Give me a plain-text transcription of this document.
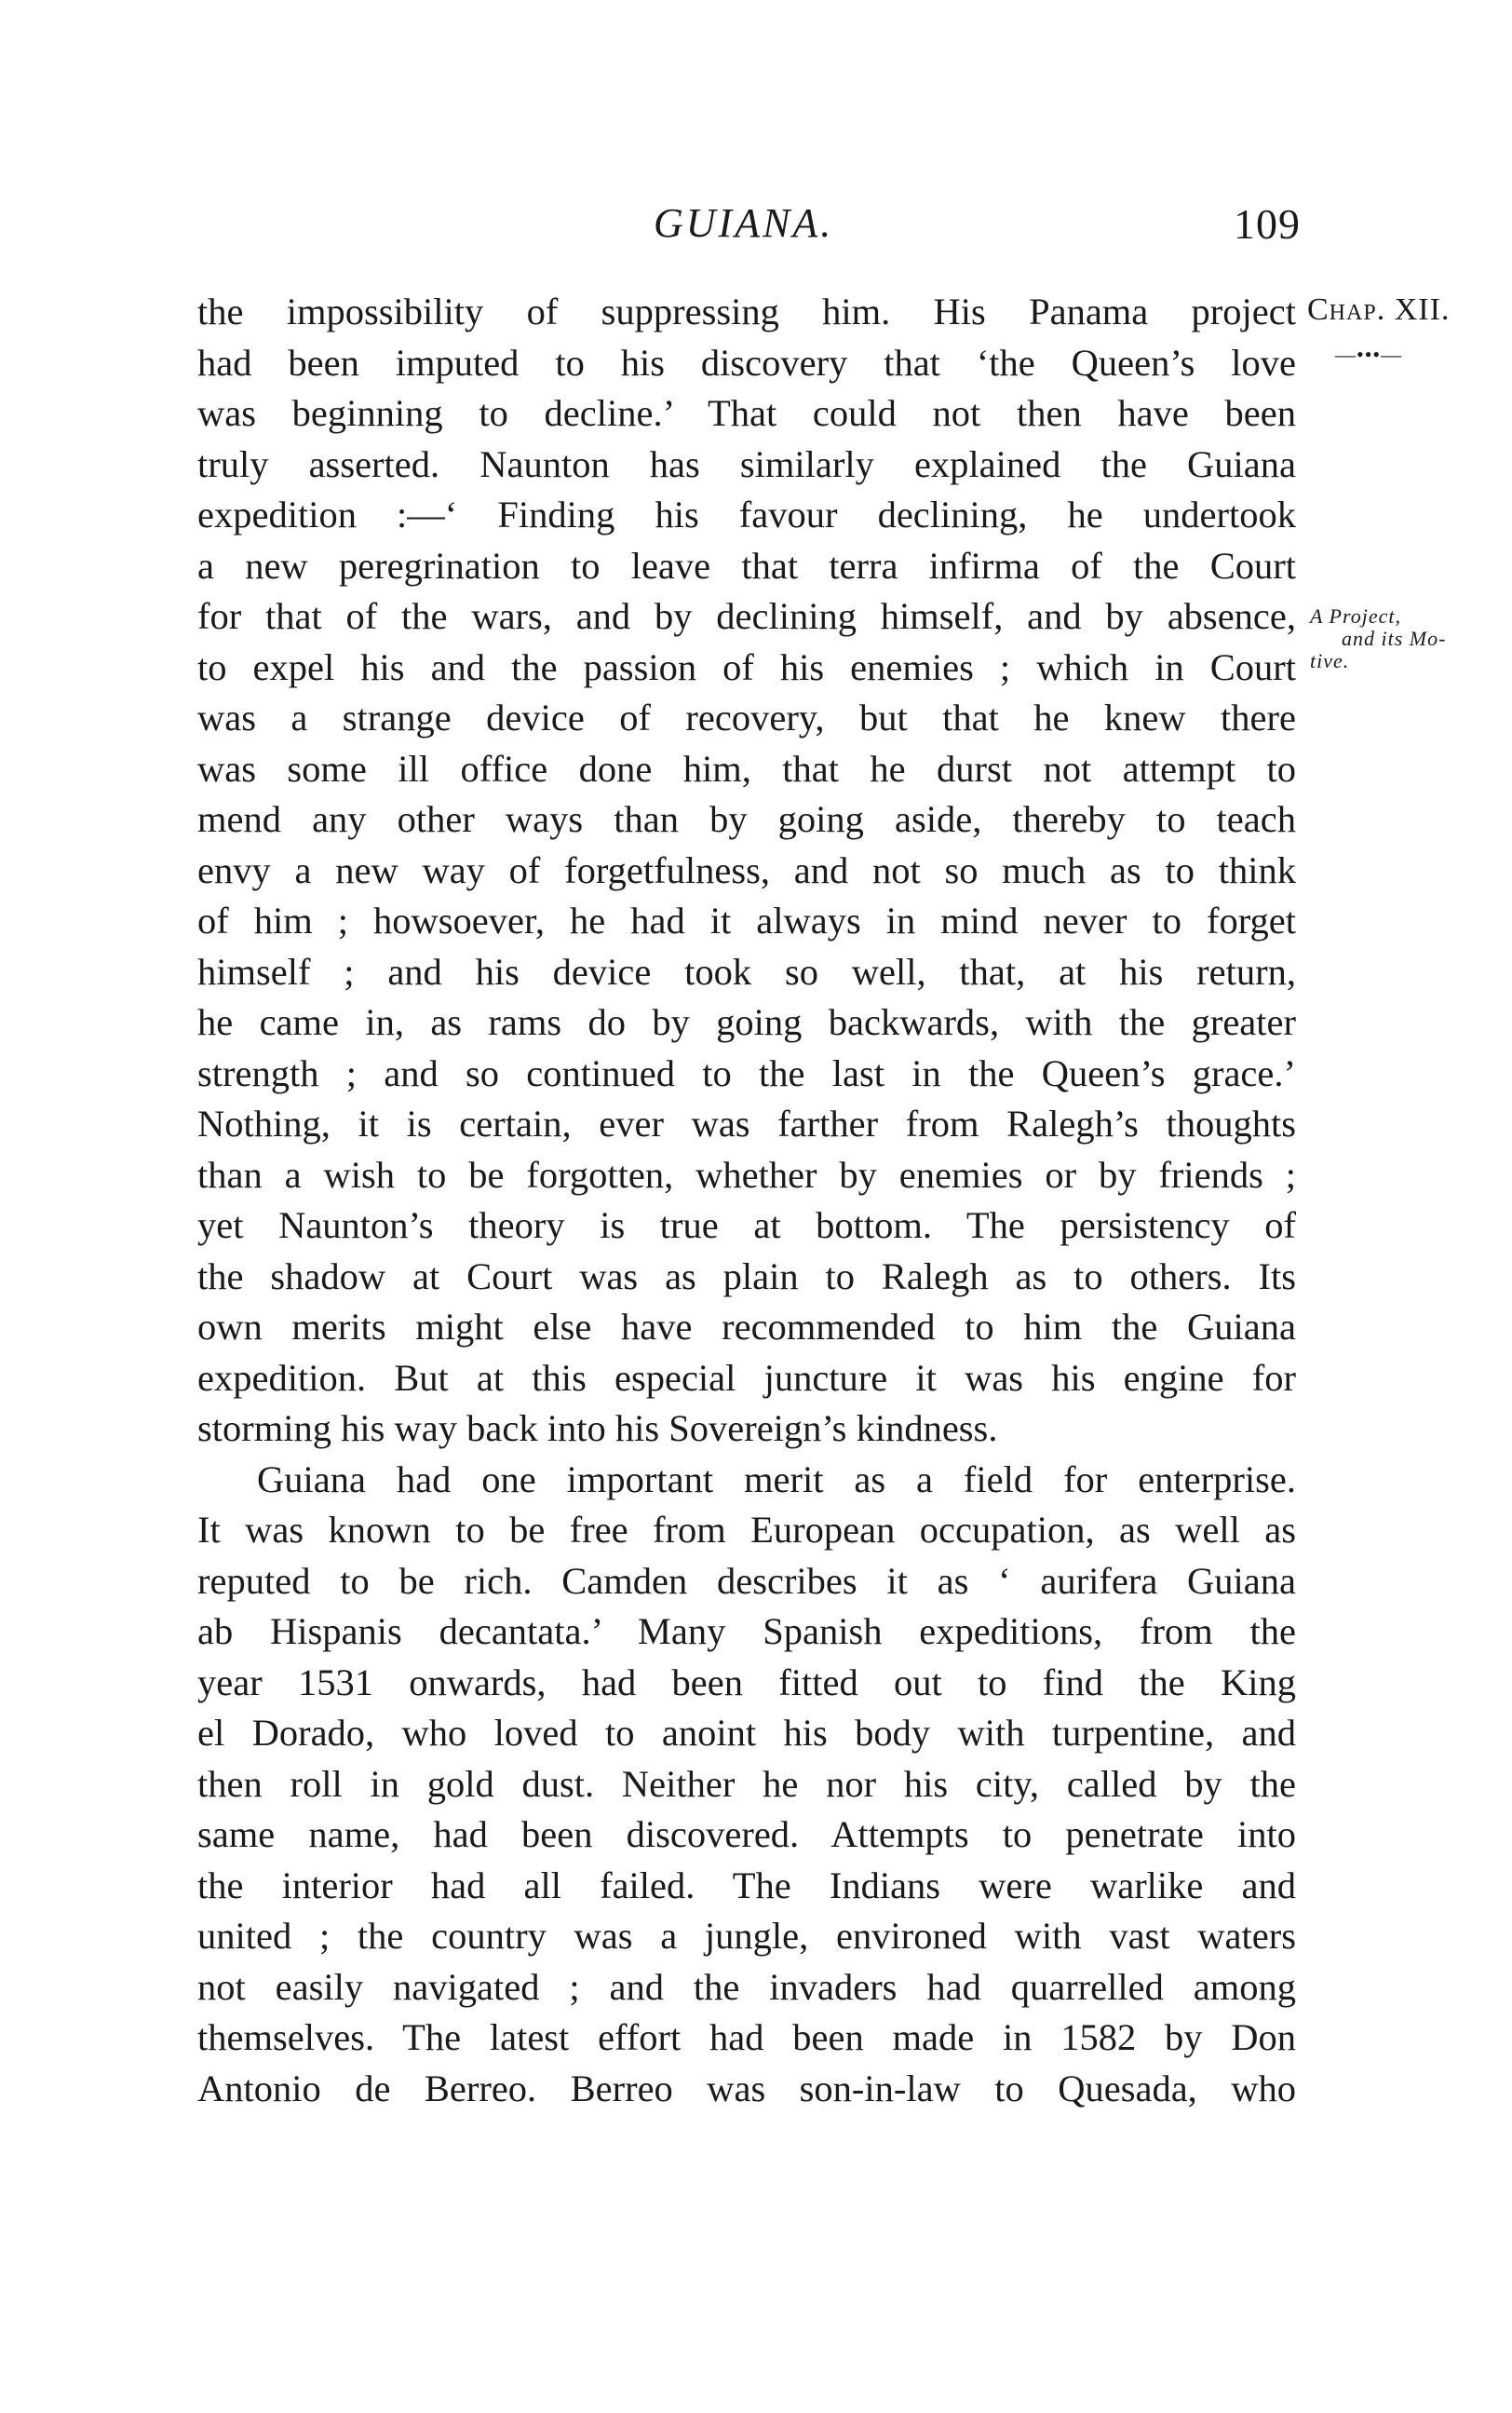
GUIANA.	109
Chap. XII.
—•••—
A Project,
and its Mo-
tive.
the impossibility of suppressing him. His Panama project
had been imputed to his discovery that ‘the Queen’s love
was beginning to decline.’ That could not then have been
truly asserted. Naunton has similarly explained the Guiana
expedition :—‘ Finding his favour declining, he undertook
a new peregrination to leave that terra infirma of the Court
for that of the wars, and by declining himself, and by absence,
to expel his and the passion of his enemies ; which in Court
was a strange device of recovery, but that he knew there
was some ill office done him, that he durst not attempt to
mend any other ways than by going aside, thereby to teach
envy a new way of forgetfulness, and not so much as to think
of him ; howsoever, he had it always in mind never to forget
himself ; and his device took so well, that, at his return,
he came in, as rams do by going backwards, with the greater
strength ; and so continued to the last in the Queen’s grace.’
Nothing, it is certain, ever was farther from Ralegh’s thoughts
than a wish to be forgotten, whether by enemies or by friends ;
yet Naunton’s theory is true at bottom. The persistency of
the shadow at Court was as plain to Ralegh as to others. Its
own merits might else have recommended to him the Guiana
expedition. But at this especial juncture it was his engine for
storming his way back into his Sovereign’s kindness.
Guiana had one important merit as a field for enterprise.
It was known to be free from European occupation, as well as
reputed to be rich. Camden describes it as ‘ aurifera Guiana
ab Hispanis decantata.’ Many Spanish expeditions, from the
year 1531 onwards, had been fitted out to find the King
el Dorado, who loved to anoint his body with turpentine, and
then roll in gold dust. Neither he nor his city, called by the
same name, had been discovered. Attempts to penetrate into
the interior had all failed. The Indians were warlike and
united ; the country was a jungle, environed with vast waters
not easily navigated ; and the invaders had quarrelled among
themselves. The latest effort had been made in 1582 by Don
Antonio de Berreo. Berreo was son-in-law to Quesada, who
